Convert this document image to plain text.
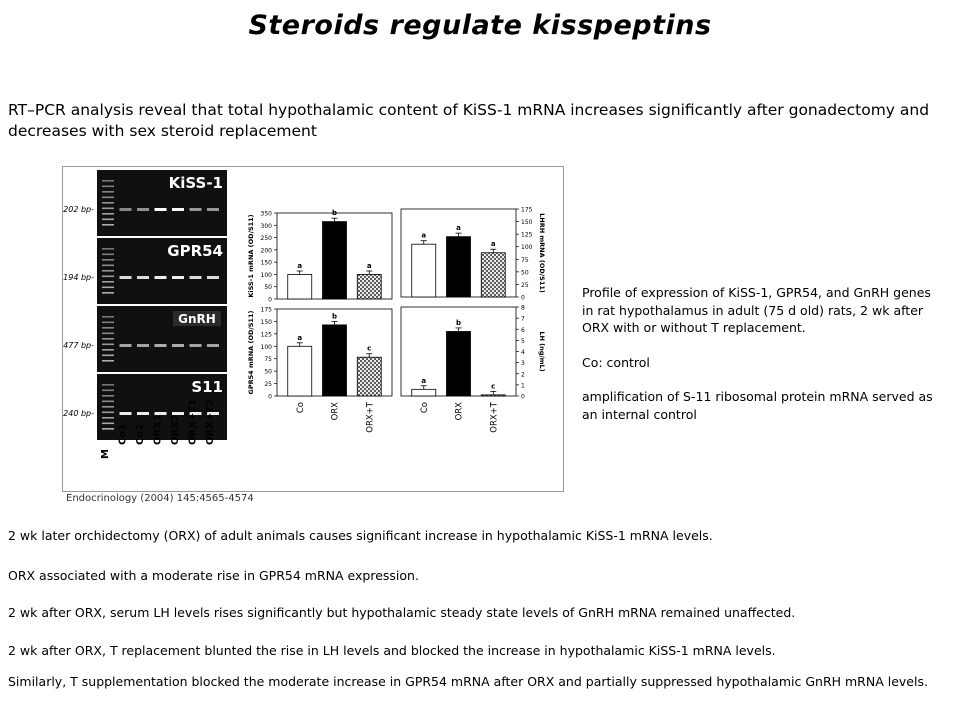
Steroids regulate kisspeptins
RT–PCR analysis reveal that total hypothalamic content of KiSS-1 mRNA increases significantly after gonadectomy and decreases with sex steroid replacement
KiSS-1
202 bp-
GPR54
194 bp-
GnRH
477 bp-
S11
240 bp-
M
Co1 Co2 ORX1 ORX2 ORX+T1 ORX+T2
0
50
100
150
200
250
300
350
KiSS-1 mRNA (OD/S11)	a
b
a
0
25
50
75
100
125
150
175
LHRH mRNA (OD/S11)
a
a
a
0
25
50
75
100
125
150
175
GPR54 mRNA (OD/S11)	a
Co
b
ORX
c
ORX+T
0
1
2
3
4
5
6
7
8
LH (ng/mL)
a
Co
b
ORX
c
ORX+T
Endocrinology (2004) 145:4565-4574

Profile of expression of KiSS-1, GPR54, and GnRH genes in rat hypothalamus in adult (75 d old) rats, 2 wk after ORX with or without T replacement.

Co: control

amplification of S-11 ribosomal protein mRNA served as an internal control

2 wk later orchidectomy (ORX) of adult animals causes significant increase in hypothalamic KiSS-1 mRNA levels.
ORX associated with a moderate rise in GPR54 mRNA expression.
2 wk after ORX, serum LH levels rises significantly but hypothalamic steady state levels of GnRH mRNA remained unaffected.
2 wk after ORX, T replacement blunted the rise in LH levels and blocked the increase in hypothalamic KiSS-1 mRNA levels.
Similarly, T supplementation blocked the moderate increase in GPR54 mRNA after ORX and partially suppressed hypothalamic GnRH mRNA levels.
